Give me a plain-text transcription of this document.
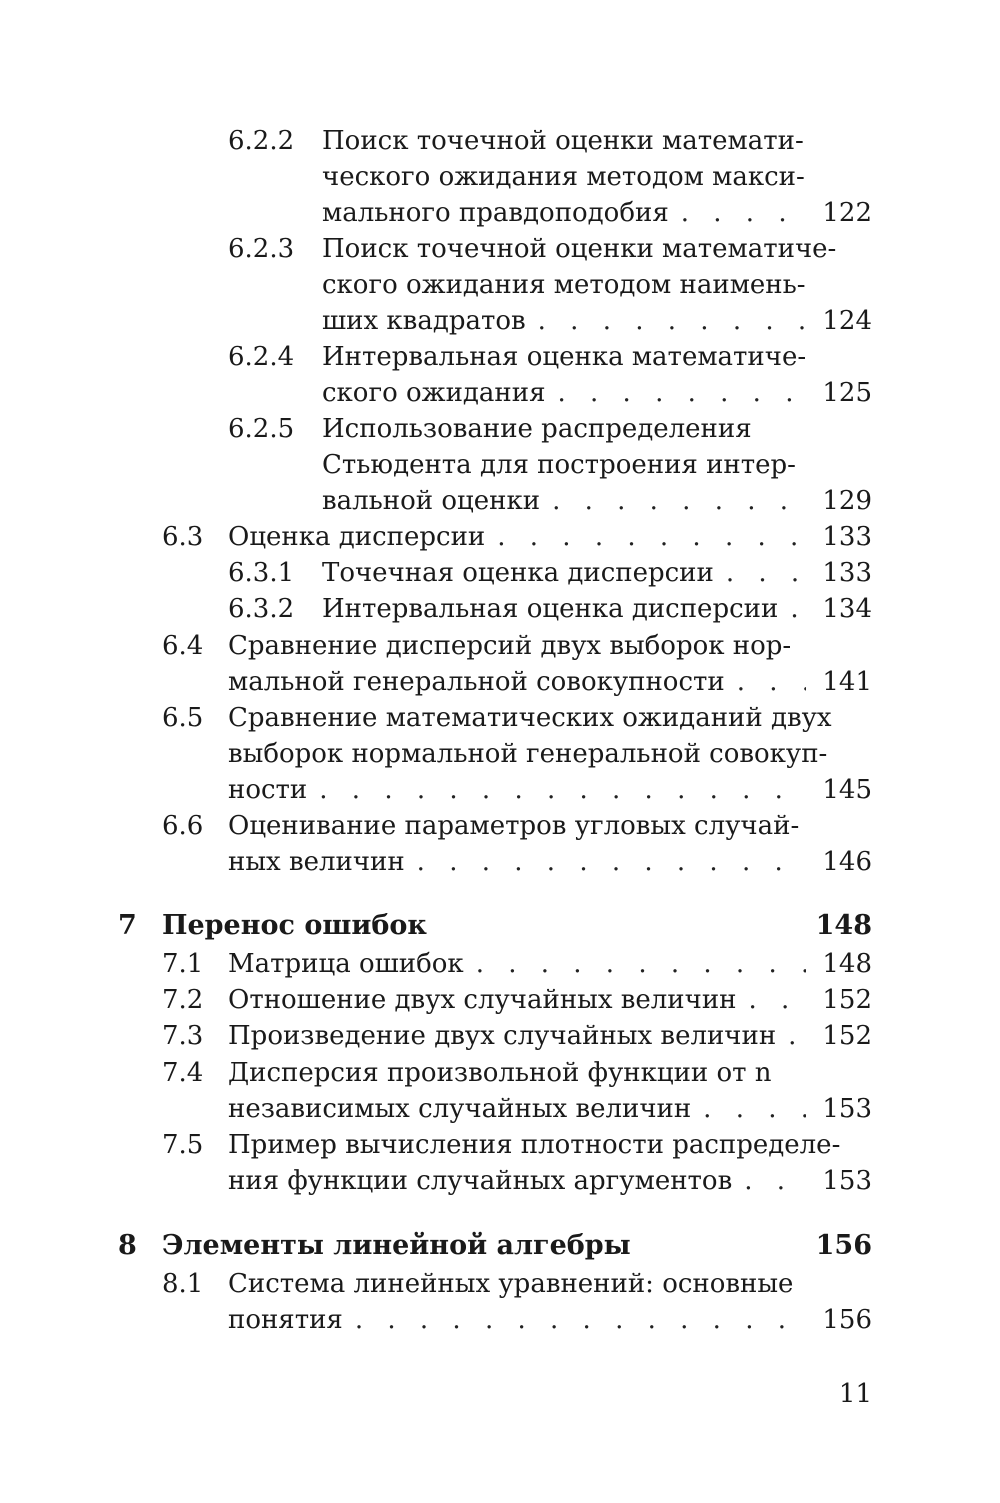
6.2.2 Поиск точечной оценки математи-
ческого ожидания методом макси-
мального правдоподобия . . .	122
6.2.3 Поиск точечной оценки математиче-
ского ожидания методом наимень-
ших квадратов . . .	124
6.2.4 Интервальная оценка математиче-
ского ожидания . . .	125
6.2.5 Использование распределения
Стьюдента для построения интер-
вальной оценки . . .	129
6.3 Оценка дисперсии . . .	133
6.3.1 Точечная оценка дисперсии . . .	133
6.3.2 Интервальная оценка дисперсии . . . 134
6.4 Сравнение дисперсий двух выборок нор-
мальной генеральной совокупности . . .	141
6.5 Сравнение математических ожиданий двух
выборок нормальной генеральной совокуп-
ности . . .	145
6.6 Оценивание параметров угловых случай-
ных величин . . .	146
7 Перенос ошибок	148
7.1 Матрица ошибок . . .	148
7.2 Отношение двух случайных величин . . .	152
7.3 Произведение двух случайных величин . . . 152
7.4 Дисперсия произвольной функции от n
независимых случайных величин . . .	153
7.5 Пример вычисления плотности распределе-
ния функции случайных аргументов . . .	153
8 Элементы линейной алгебры	156
8.1 Система линейных уравнений: основные
понятия . . .	156
11
